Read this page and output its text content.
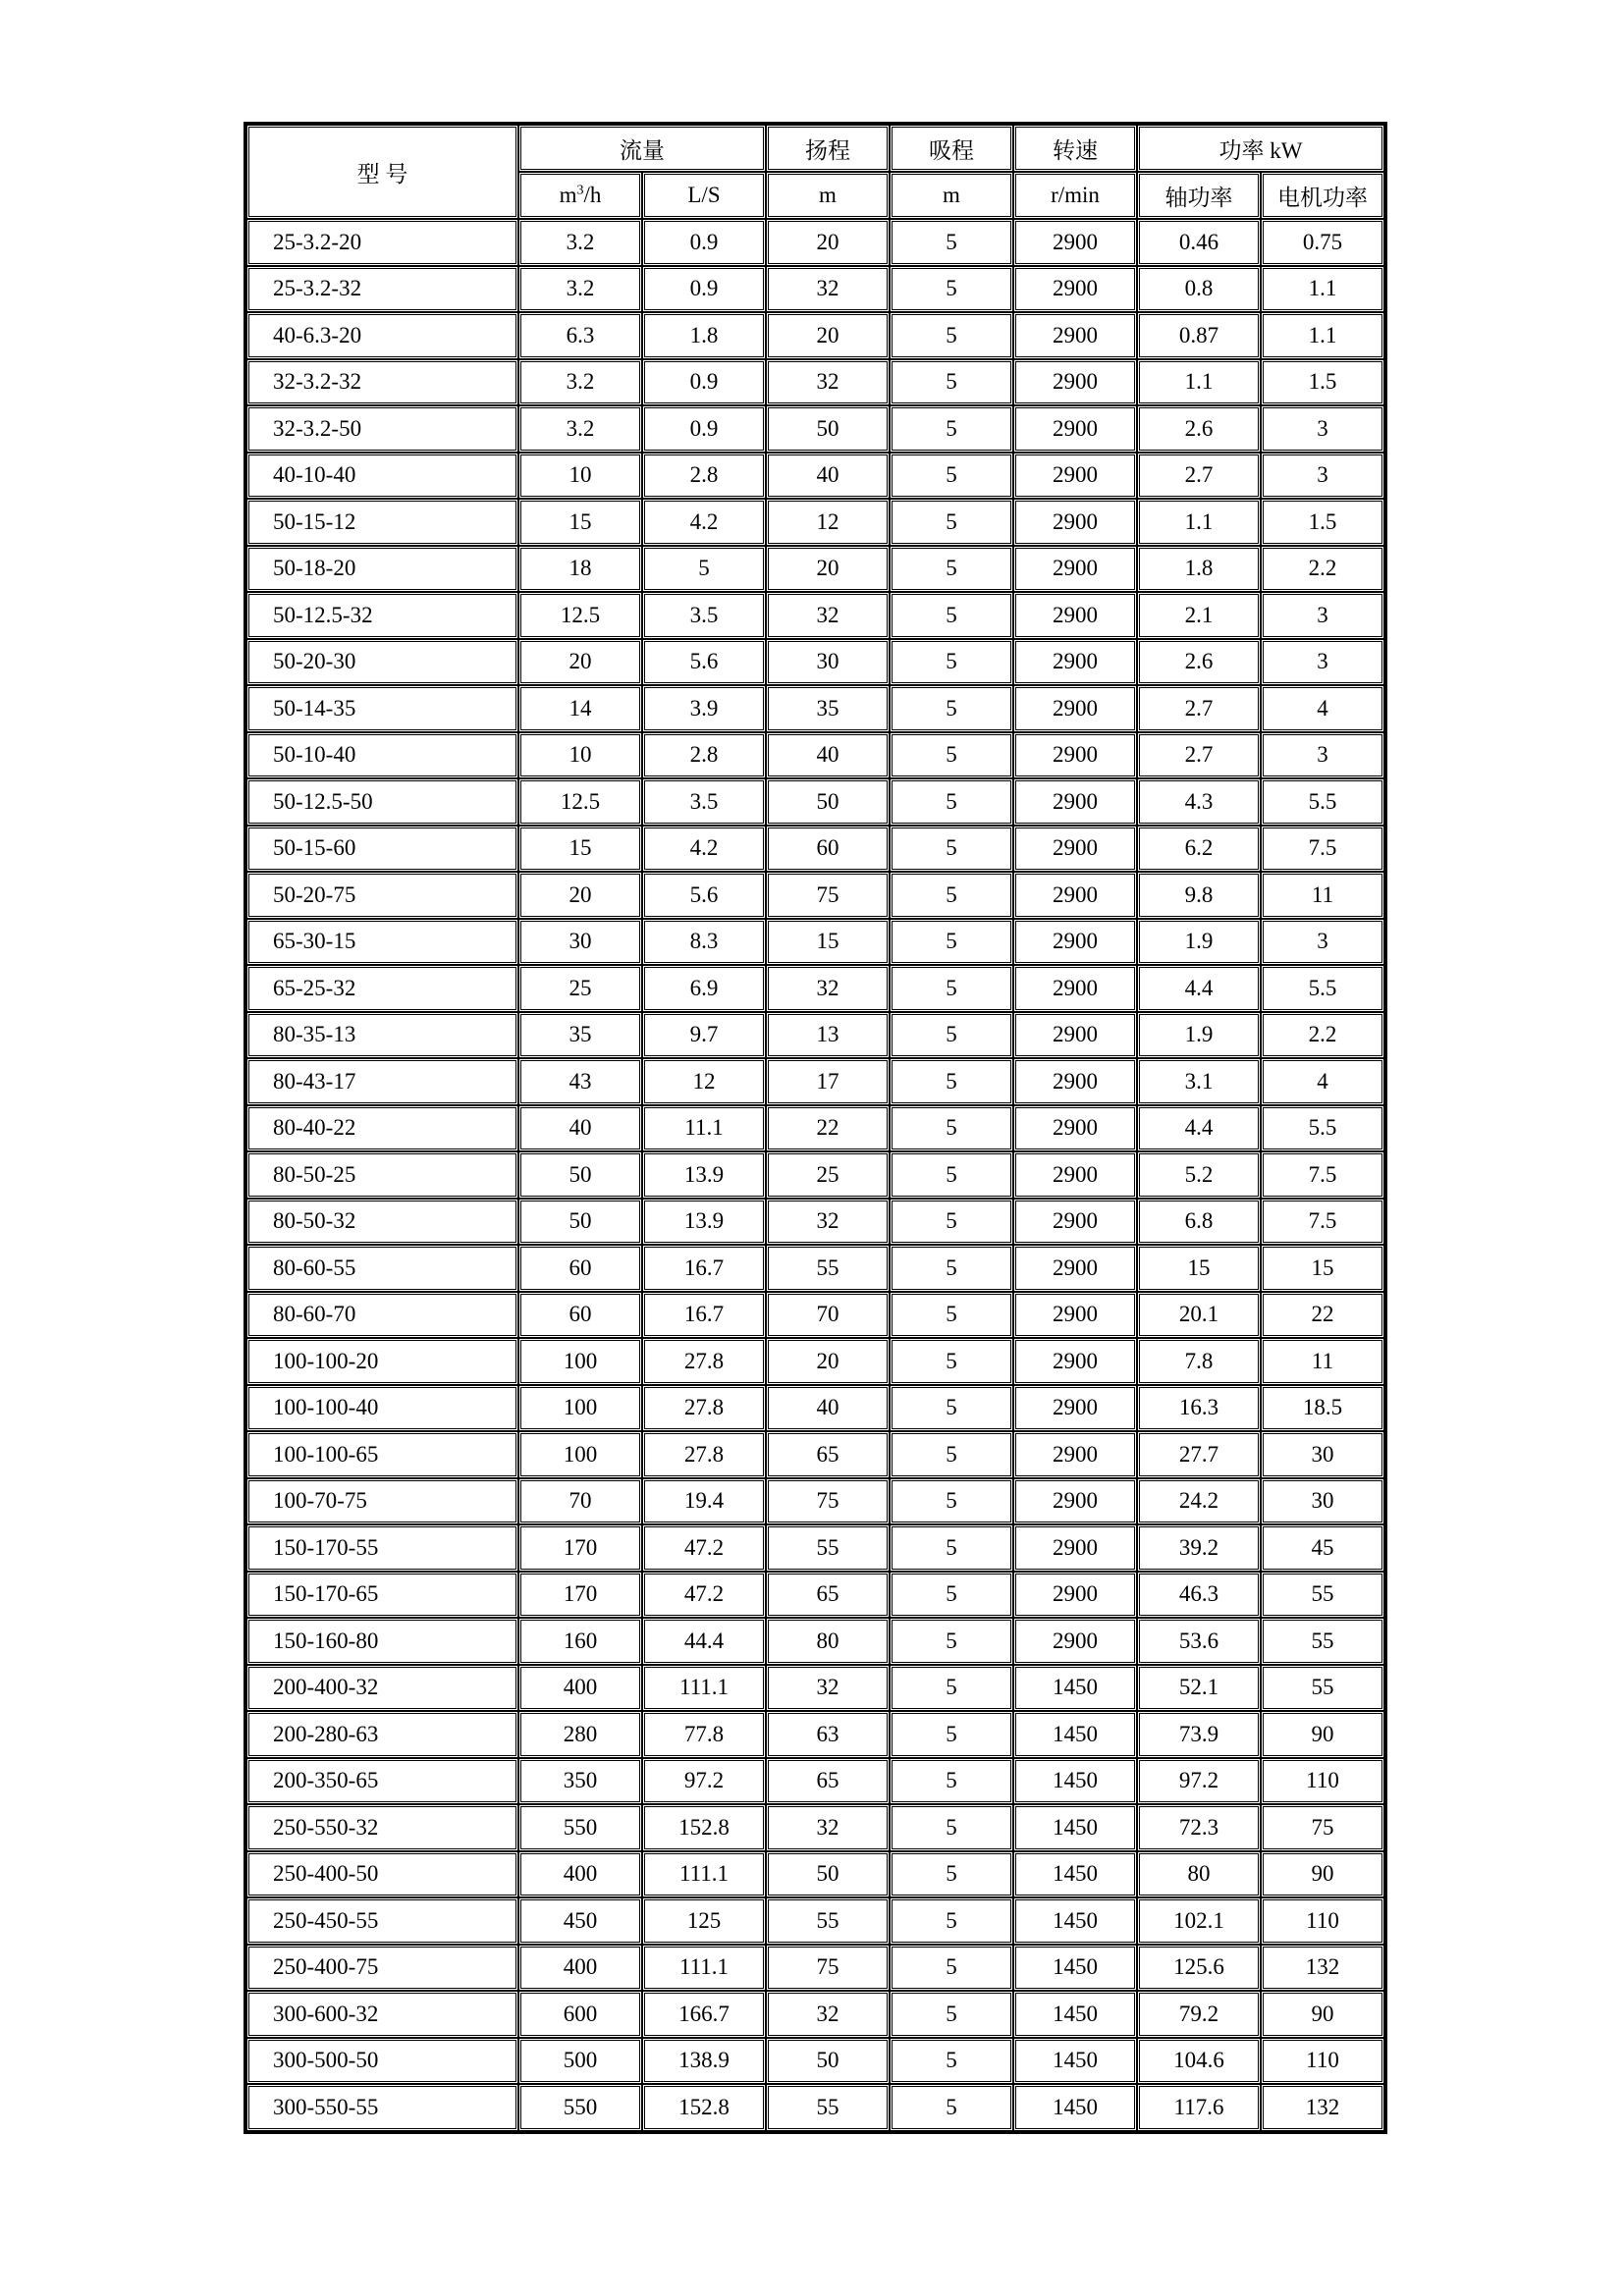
型 号	流量		扬程	吸程	转速	功率 kW	
	$m^3/h$	L/S	m	m	r/min	轴功率	电机功率
25-3.2-20	3.2	0.9	20	5	2900	0.46	0.75
25-3.2-32	3.2	0.9	32	5	2900	0.8	1.1
40-6.3-20	6.3	1.8	20	5	2900	0.87	1.1
32-3.2-32	3.2	0.9	32	5	2900	1.1	1.5
32-3.2-50	3.2	0.9	50	5	2900	2.6	3
40-10-40	10	2.8	40	5	2900	2.7	3
50-15-12	15	4.2	12	5	2900	1.1	1.5
50-18-20	18	5	20	5	2900	1.8	2.2
50-12.5-32	12.5	3.5	32	5	2900	2.1	3
50-20-30	20	5.6	30	5	2900	2.6	3
50-14-35	14	3.9	35	5	2900	2.7	4
50-10-40	10	2.8	40	5	2900	2.7	3
50-12.5-50	12.5	3.5	50	5	2900	4.3	5.5
50-15-60	15	4.2	60	5	2900	6.2	7.5
50-20-75	20	5.6	75	5	2900	9.8	11
65-30-15	30	8.3	15	5	2900	1.9	3
65-25-32	25	6.9	32	5	2900	4.4	5.5
80-35-13	35	9.7	13	5	2900	1.9	2.2
80-43-17	43	12	17	5	2900	3.1	4
80-40-22	40	11.1	22	5	2900	4.4	5.5
80-50-25	50	13.9	25	5	2900	5.2	7.5
80-50-32	50	13.9	32	5	2900	6.8	7.5
80-60-55	60	16.7	55	5	2900	15	15
80-60-70	60	16.7	70	5	2900	20.1	22
100-100-20	100	27.8	20	5	2900	7.8	11
100-100-40	100	27.8	40	5	2900	16.3	18.5
100-100-65	100	27.8	65	5	2900	27.7	30
100-70-75	70	19.4	75	5	2900	24.2	30
150-170-55	170	47.2	55	5	2900	39.2	45
150-170-65	170	47.2	65	5	2900	46.3	55
150-160-80	160	44.4	80	5	2900	53.6	55
200-400-32	400	111.1	32	5	1450	52.1	55
200-280-63	280	77.8	63	5	1450	73.9	90
200-350-65	350	97.2	65	5	1450	97.2	110
250-550-32	550	152.8	32	5	1450	72.3	75
250-400-50	400	111.1	50	5	1450	80	90
250-450-55	450	125	55	5	1450	102.1	110
250-400-75	400	111.1	75	5	1450	125.6	132
300-600-32	600	166.7	32	5	1450	79.2	90
300-500-50	500	138.9	50	5	1450	104.6	110
300-550-55	550	152.8	55	5	1450	117.6	132
